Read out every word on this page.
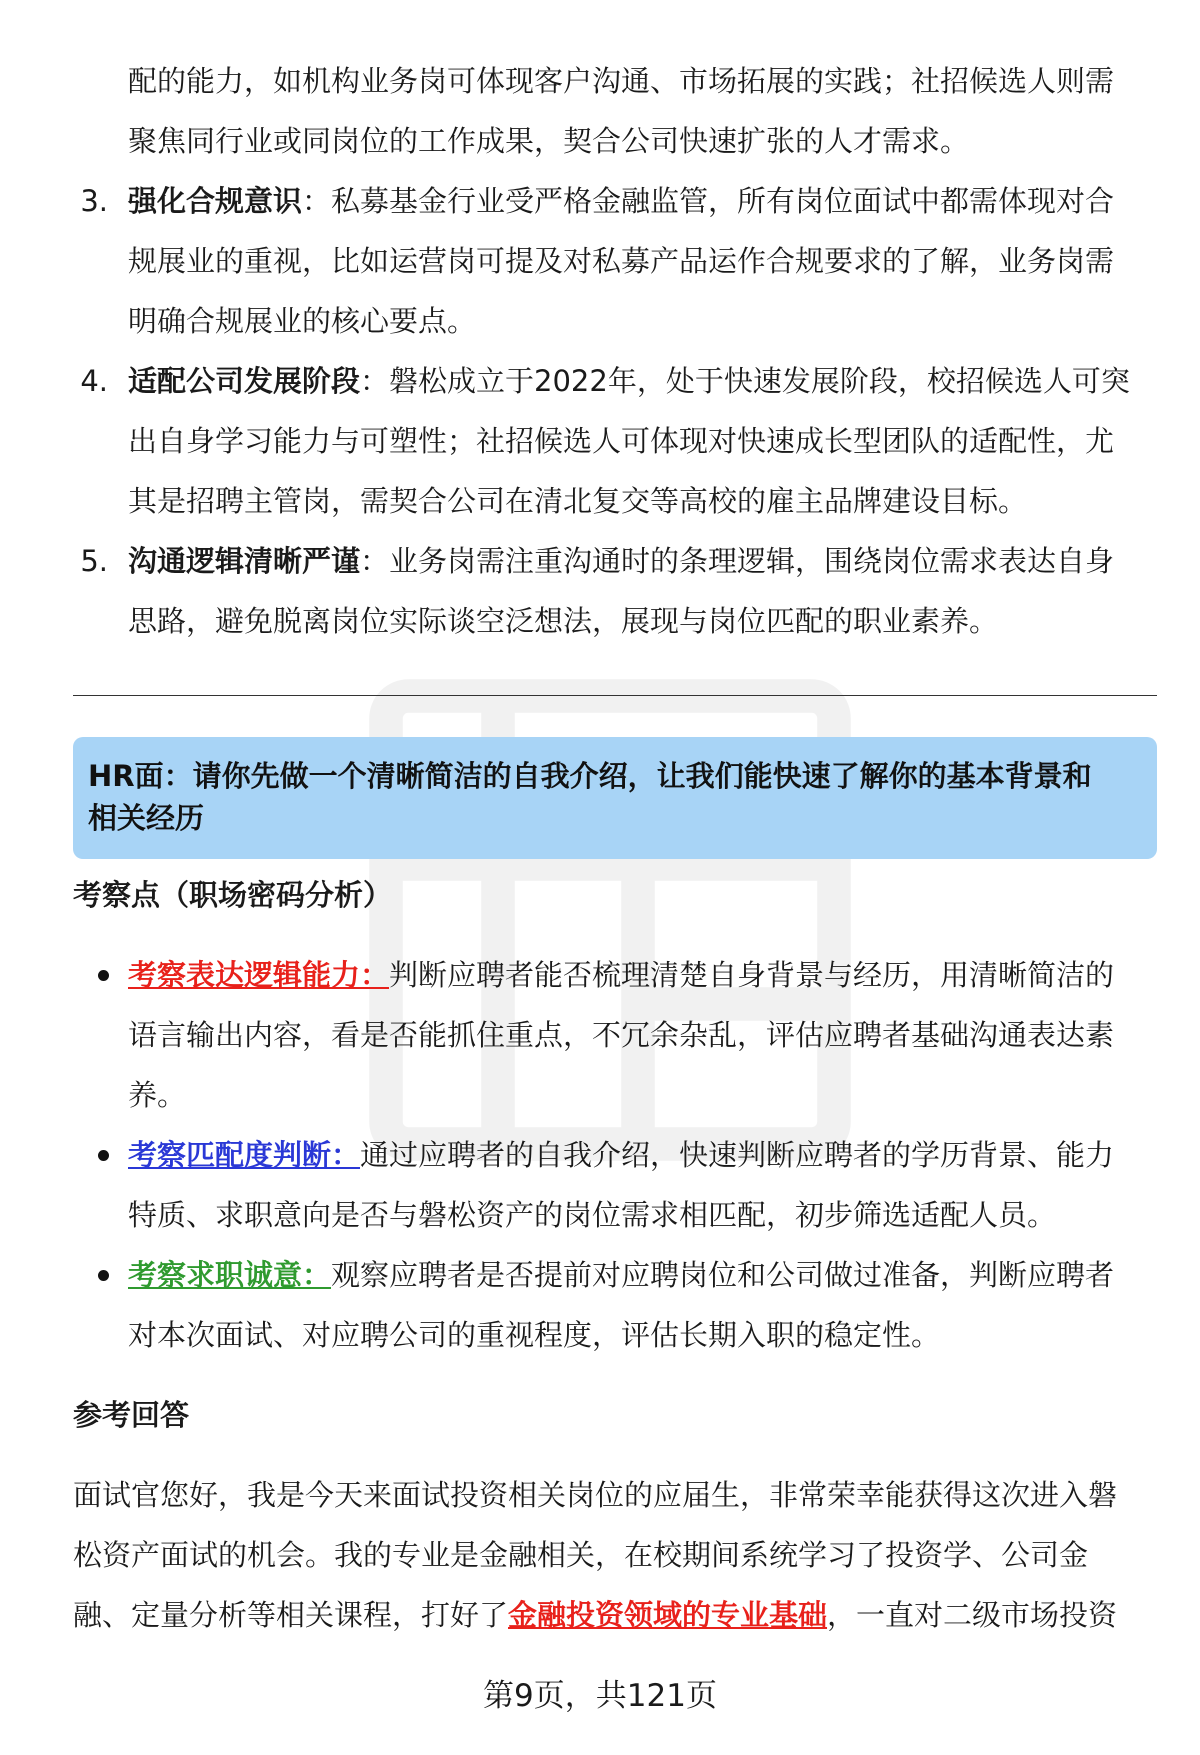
配的能力，如机构业务岗可体现客户沟通、市场拓展的实践；社招候选人则需
聚焦同行业或同岗位的工作成果，契合公司快速扩张的人才需求。
3. 强化合规意识：私募基金行业受严格金融监管，所有岗位面试中都需体现对合
规展业的重视，比如运营岗可提及对私募产品运作合规要求的了解，业务岗需
明确合规展业的核心要点。
4. 适配公司发展阶段：磐松成立于2022年，处于快速发展阶段，校招候选人可突
出自身学习能力与可塑性；社招候选人可体现对快速成长型团队的适配性，尤
其是招聘主管岗，需契合公司在清北复交等高校的雇主品牌建设目标。
5. 沟通逻辑清晰严谨：业务岗需注重沟通时的条理逻辑，围绕岗位需求表达自身
思路，避免脱离岗位实际谈空泛想法，展现与岗位匹配的职业素养。
HR面：请你先做一个清晰简洁的自我介绍，让我们能快速了解你的基本背景和
相关经历
考察点（职场密码分析）
考察表达逻辑能力：判断应聘者能否梳理清楚自身背景与经历，用清晰简洁的
语言输出内容，看是否能抓住重点，不冗余杂乱，评估应聘者基础沟通表达素
养。
考察匹配度判断：通过应聘者的自我介绍，快速判断应聘者的学历背景、能力
特质、求职意向是否与磐松资产的岗位需求相匹配，初步筛选适配人员。
考察求职诚意：观察应聘者是否提前对应聘岗位和公司做过准备，判断应聘者
对本次面试、对应聘公司的重视程度，评估长期入职的稳定性。
参考回答
面试官您好，我是今天来面试投资相关岗位的应届生，非常荣幸能获得这次进入磐
松资产面试的机会。我的专业是金融相关，在校期间系统学习了投资学、公司金
融、定量分析等相关课程，打好了金融投资领域的专业基础，一直对二级市场投资
第9页，共121页
